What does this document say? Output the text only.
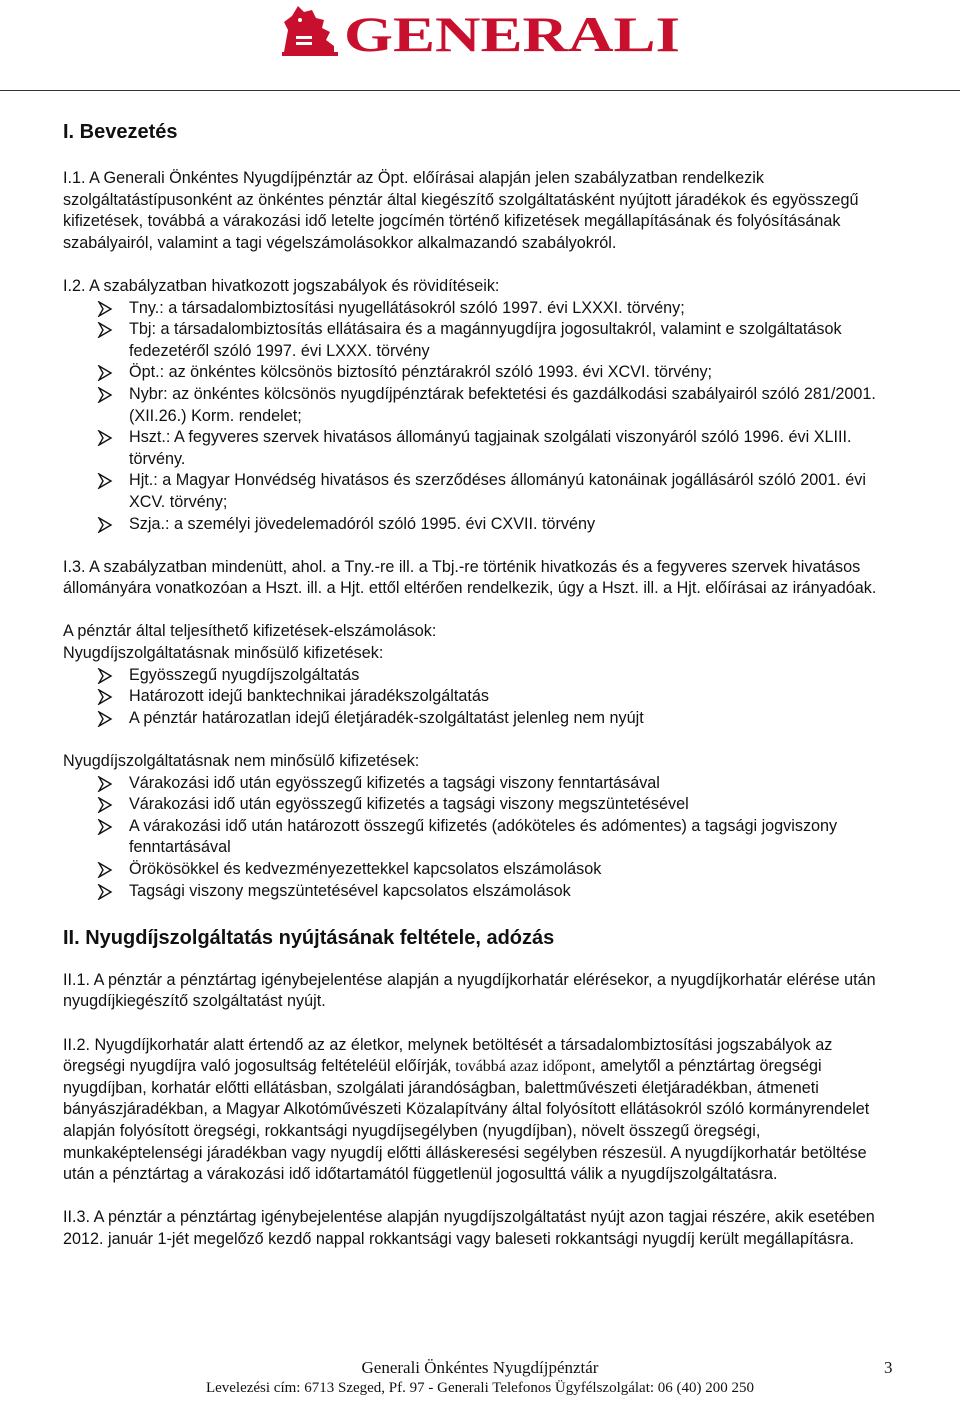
GENERALI
I. Bevezetés

I.1. A Generali Önkéntes Nyugdíjpénztár az Öpt. előírásai alapján jelen szabályzatban rendelkezik szolgáltatástípusonként az önkéntes pénztár által kiegészítő szolgáltatásként nyújtott járadékok és egyösszegű kifizetések, továbbá a várakozási idő letelte jogcímén történő kifizetések megállapításának és folyósításának szabályairól, valamint a tagi végelszámolásokkor alkalmazandó szabályokról.

I.2. A szabályzatban hivatkozott jogszabályok és rövidítéseik:

Tny.: a társadalombiztosítási nyugellátásokról szóló 1997. évi LXXXI. törvény;
Tbj: a társadalombiztosítás ellátásaira és a magánnyugdíjra jogosultakról, valamint e szolgáltatások fedezetéről szóló 1997. évi LXXX. törvény
Öpt.: az önkéntes kölcsönös biztosító pénztárakról szóló 1993. évi XCVI. törvény;
Nybr: az önkéntes kölcsönös nyugdíjpénztárak befektetési és gazdálkodási szabályairól szóló 281/2001. (XII.26.) Korm. rendelet;
Hszt.: A fegyveres szervek hivatásos állományú tagjainak szolgálati viszonyáról szóló 1996. évi XLIII. törvény.
Hjt.: a Magyar Honvédség hivatásos és szerződéses állományú katonáinak jogállásáról szóló 2001. évi XCV. törvény;
Szja.: a személyi jövedelemadóról szóló 1995. évi CXVII. törvény

I.3. A szabályzatban mindenütt, ahol. a Tny.-re ill. a Tbj.-re történik hivatkozás és a fegyveres szervek hivatásos állományára vonatkozóan a Hszt. ill. a Hjt. ettől eltérően rendelkezik, úgy a Hszt. ill. a Hjt. előírásai az irányadóak.

A pénztár által teljesíthető kifizetések-elszámolások:

Nyugdíjszolgáltatásnak minősülő kifizetések:

Egyösszegű nyugdíjszolgáltatás
Határozott idejű banktechnikai járadékszolgáltatás
A pénztár határozatlan idejű életjáradék-szolgáltatást jelenleg nem nyújt

Nyugdíjszolgáltatásnak nem minősülő kifizetések:

Várakozási idő után egyösszegű kifizetés a tagsági viszony fenntartásával
Várakozási idő után egyösszegű kifizetés a tagsági viszony megszüntetésével
A várakozási idő után határozott összegű kifizetés (adóköteles és adómentes) a tagsági jogviszony fenntartásával
Örökösökkel és kedvezményezettekkel kapcsolatos elszámolások
Tagsági viszony megszüntetésével kapcsolatos elszámolások
II. Nyugdíjszolgáltatás nyújtásának feltétele, adózás

II.1. A pénztár a pénztártag igénybejelentése alapján a nyugdíjkorhatár elérésekor, a nyugdíjkorhatár elérése után nyugdíjkiegészítő szolgáltatást nyújt.

II.2. Nyugdíjkorhatár alatt értendő az az életkor, melynek betöltését a társadalombiztosítási jogszabályok az öregségi nyugdíjra való jogosultság feltételéül előírják, továbbá azaz időpont, amelytől a pénztártag öregségi nyugdíjban, korhatár előtti ellátásban, szolgálati járandóságban, balettművészeti életjáradékban, átmeneti bányászjáradékban, a Magyar Alkotóművészeti Közalapítvány által folyósított ellátásokról szóló kormányrendelet alapján folyósított öregségi, rokkantsági nyugdíjsegélyben (nyugdíjban), növelt összegű öregségi, munkaképtelenségi járadékban vagy nyugdíj előtti álláskeresési segélyben részesül. A nyugdíjkorhatár betöltése után a pénztártag a várakozási idő időtartamától függetlenül jogosulttá válik a nyugdíjszolgáltatásra.

II.3. A pénztár a pénztártag igénybejelentése alapján nyugdíjszolgáltatást nyújt azon tagjai részére, akik esetében 2012. január 1-jét megelőző kezdő nappal rokkantsági vagy baleseti rokkantsági nyugdíj került megállapításra.

Generali Önkéntes Nyugdíjpénztár	3
Levelezési cím: 6713 Szeged, Pf. 97 - Generali Telefonos Ügyfélszolgálat: 06 (40) 200 250
